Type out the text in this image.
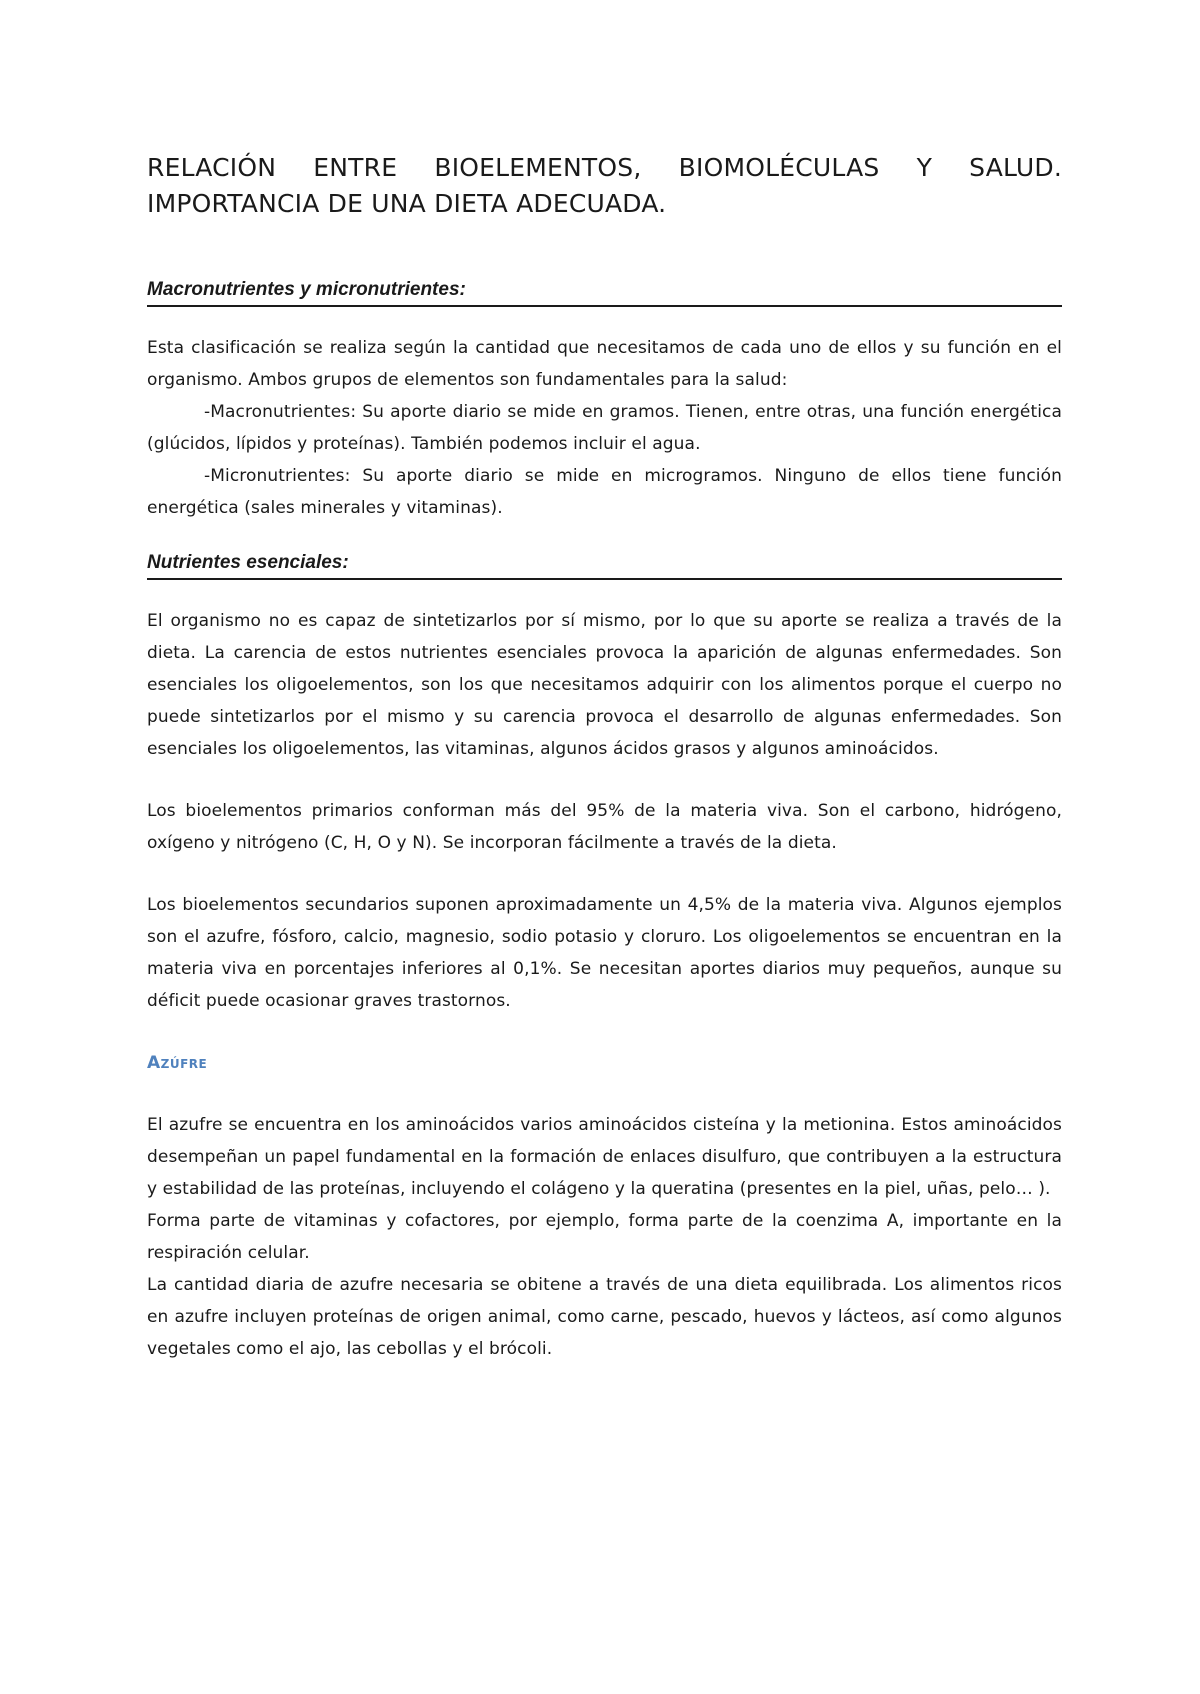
RELACIÓN ENTRE BIOELEMENTOS, BIOMOLÉCULAS Y SALUD.
IMPORTANCIA DE UNA DIETA ADECUADA.
Macronutrientes y micronutrientes:

Esta clasificación se realiza según la cantidad que necesitamos de cada uno de ellos y su función en el organismo. Ambos grupos de elementos son fundamentales para la salud:

-Macronutrientes: Su aporte diario se mide en gramos. Tienen, entre otras, una función energética (glúcidos, lípidos y proteínas). También podemos incluir el agua.

-Micronutrientes: Su aporte diario se mide en microgramos. Ninguno de ellos tiene función energética (sales minerales y vitaminas).

Nutrientes esenciales:

El organismo no es capaz de sintetizarlos por sí mismo, por lo que su aporte se realiza a través de la dieta. La carencia de estos nutrientes esenciales provoca la aparición de algunas enfermedades. Son esenciales los oligoelementos, son los que necesitamos adquirir con los alimentos porque el cuerpo no puede sintetizarlos por el mismo y su carencia provoca el desarrollo de algunas enfermedades. Son esenciales los oligoelementos, las vitaminas, algunos ácidos grasos y algunos aminoácidos.

Los bioelementos primarios conforman más del 95% de la materia viva. Son el carbono, hidrógeno, oxígeno y nitrógeno (C, H, O y N). Se incorporan fácilmente a través de la dieta.

Los bioelementos secundarios suponen aproximadamente un 4,5% de la materia viva. Algunos ejemplos son el azufre, fósforo, calcio, magnesio, sodio potasio y cloruro. Los oligoelementos se encuentran en la materia viva en porcentajes inferiores al 0,1%. Se necesitan aportes diarios muy pequeños, aunque su déficit puede ocasionar graves trastornos.

Azúfre

El azufre se encuentra en los aminoácidos varios aminoácidos cisteína y la metionina. Estos aminoácidos desempeñan un papel fundamental en la formación de enlaces disulfuro, que contribuyen a la estructura y estabilidad de las proteínas, incluyendo el colágeno y la queratina (presentes en la piel, uñas, pelo… ).

Forma parte de vitaminas y cofactores, por ejemplo, forma parte de la coenzima A, importante en la respiración celular.

La cantidad diaria de azufre necesaria se obitene a través de una dieta equilibrada. Los alimentos ricos en azufre incluyen proteínas de origen animal, como carne, pescado, huevos y lácteos, así como algunos vegetales como el ajo, las cebollas y el brócoli.
